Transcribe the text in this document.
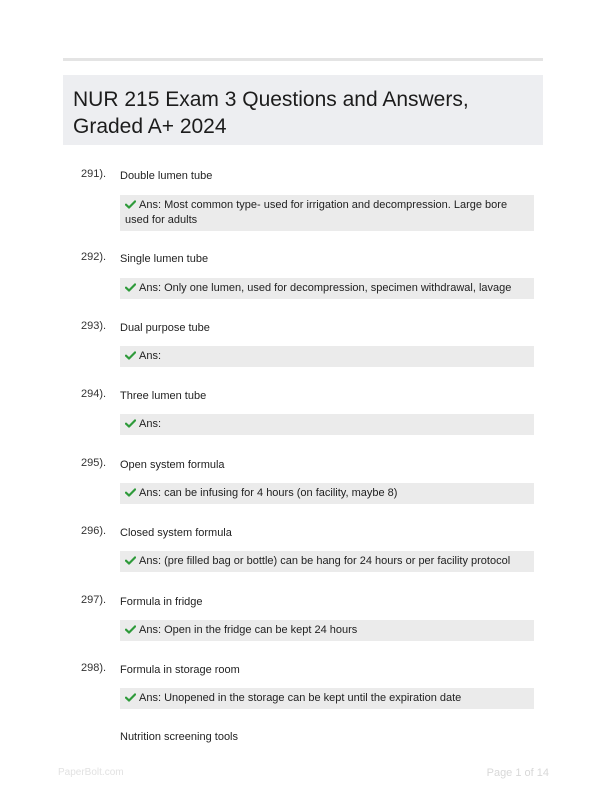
NUR 215 Exam 3 Questions and Answers, Graded A+ 2024
291). Double lumen tube
Ans: Most common type- used for irrigation and decompression. Large bore used for adults
292). Single lumen tube
Ans: Only one lumen, used for decompression, specimen withdrawal, lavage
293). Dual purpose tube
Ans:
294). Three lumen tube
Ans:
295). Open system formula
Ans: can be infusing for 4 hours (on facility, maybe 8)
296). Closed system formula
Ans: (pre filled bag or bottle) can be hang for 24 hours or per facility protocol
297). Formula in fridge
Ans: Open in the fridge can be kept 24 hours
298). Formula in storage room
Ans: Unopened in the storage can be kept until the expiration date
Nutrition screening tools
PaperBolt.com	Page 1 of 14
